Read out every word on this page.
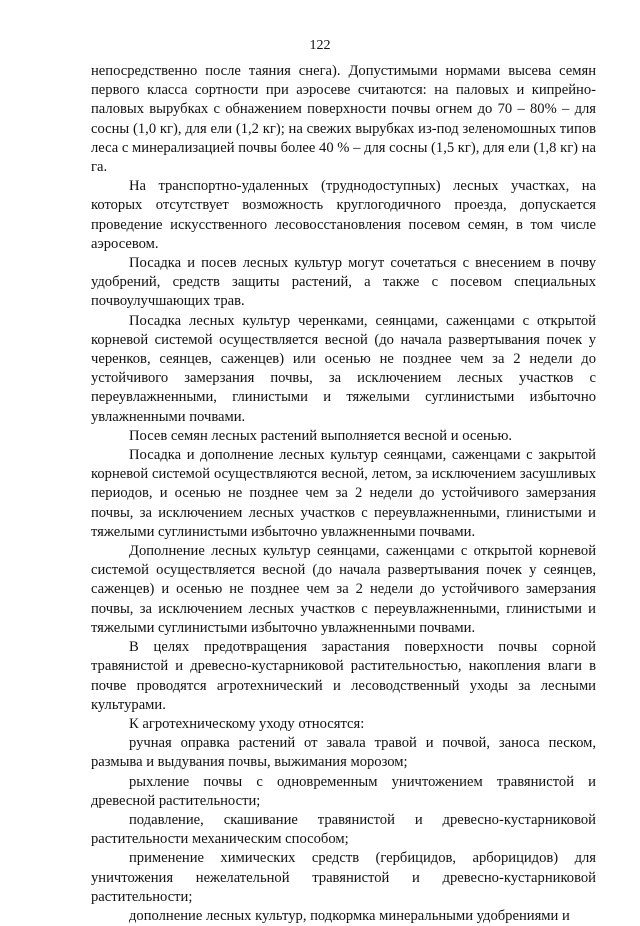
122

непосредственно после таяния снега). Допустимыми нормами высева семян первого класса сортности при аэросеве считаются: на паловых и кипрейно-паловых вырубках с обнажением поверхности почвы огнем до 70 – 80% – для сосны (1,0 кг), для ели (1,2 кг); на свежих вырубках из-под зеленомошных типов леса с минерализацией почвы более 40 % – для сосны (1,5 кг), для ели (1,8 кг) на га.

На транспортно-удаленных (труднодоступных) лесных участках, на которых отсутствует возможность круглогодичного проезда, допускается проведение искусственного лесовосстановления посевом семян, в том числе аэросевом.

Посадка и посев лесных культур могут сочетаться с внесением в почву удобрений, средств защиты растений, а также с посевом специальных почвоулучшающих трав.

Посадка лесных культур черенками, сеянцами, саженцами с открытой корневой системой осуществляется весной (до начала развертывания почек у черенков, сеянцев, саженцев) или осенью не позднее чем за 2 недели до устойчивого замерзания почвы, за исключением лесных участков с переувлажненными, глинистыми и тяжелыми суглинистыми избыточно увлажненными почвами.

Посев семян лесных растений выполняется весной и осенью.

Посадка и дополнение лесных культур сеянцами, саженцами с закрытой корневой системой осуществляются весной, летом, за исключением засушливых периодов, и осенью не позднее чем за 2 недели до устойчивого замерзания почвы, за исключением лесных участков с переувлажненными, глинистыми и тяжелыми суглинистыми избыточно увлажненными почвами.

Дополнение лесных культур сеянцами, саженцами с открытой корневой системой осуществляется весной (до начала развертывания почек у сеянцев, саженцев) и осенью не позднее чем за 2 недели до устойчивого замерзания почвы, за исключением лесных участков с переувлажненными, глинистыми и тяжелыми суглинистыми избыточно увлажненными почвами.

В целях предотвращения зарастания поверхности почвы сорной травянистой и древесно-кустарниковой растительностью, накопления влаги в почве проводятся агротехнический и лесоводственный уходы за лесными культурами.

К агротехническому уходу относятся:

ручная оправка растений от завала травой и почвой, заноса песком, размыва и выдувания почвы, выжимания морозом;

рыхление почвы с одновременным уничтожением травянистой и древесной растительности;

подавление, скашивание травянистой и древесно-кустарниковой растительности механическим способом;

применение химических средств (гербицидов, арборицидов) для уничтожения нежелательной травянистой и древесно-кустарниковой растительности;

дополнение лесных культур, подкормка минеральными удобрениями и
